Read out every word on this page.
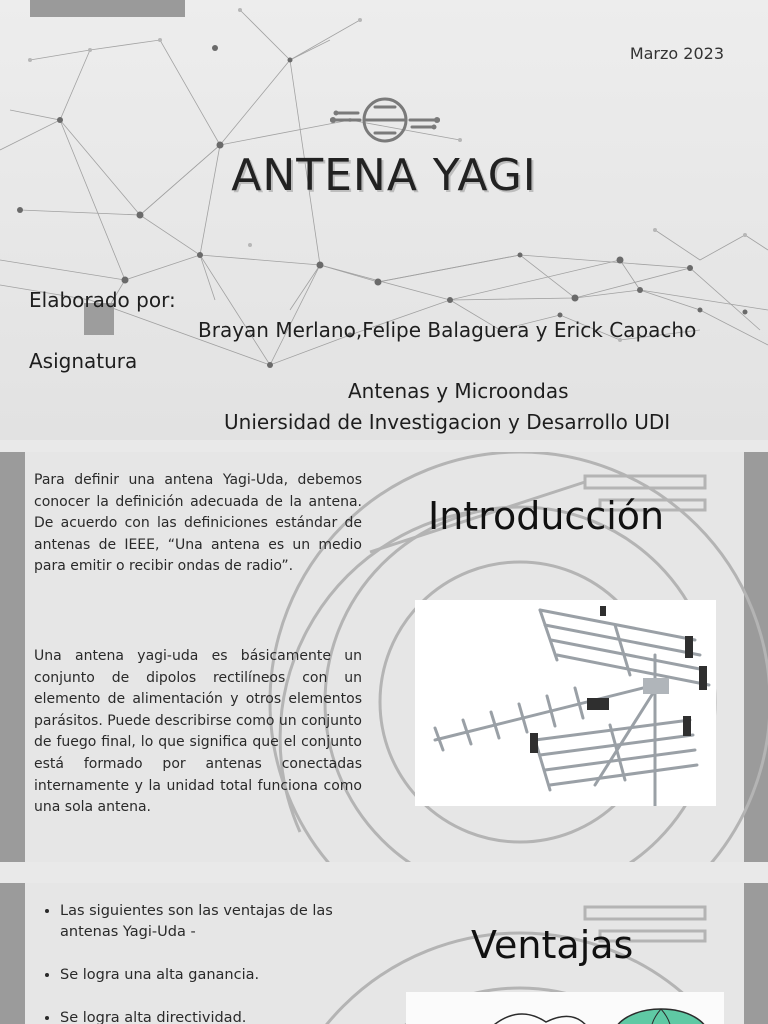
Marzo 2023
ANTENA YAGI
Elaborado por:
Brayan Merlano,Felipe Balaguera y Erick Capacho
Asignatura
Antenas y Microondas
Uniersidad de Investigacion y Desarrollo UDI

Para definir una antena Yagi-Uda, debemos conocer la definición adecuada de la antena. De acuerdo con las definiciones estándar de antenas de IEEE, “Una antena es un medio para emitir o recibir ondas de radio”.

Una antena yagi-uda es básicamente un conjunto de dipolos rectilíneos con un elemento de alimentación y otros elementos parásitos. Puede describirse como un conjunto de fuego final, lo que significa que el conjunto está formado por antenas conectadas internamente y la unidad total funciona como una sola antena.

Introducción
• Las siguientes son las ventajas de las antenas Yagi-Uda -
• Se logra una alta ganancia.
• Se logra alta directividad.
Ventajas
